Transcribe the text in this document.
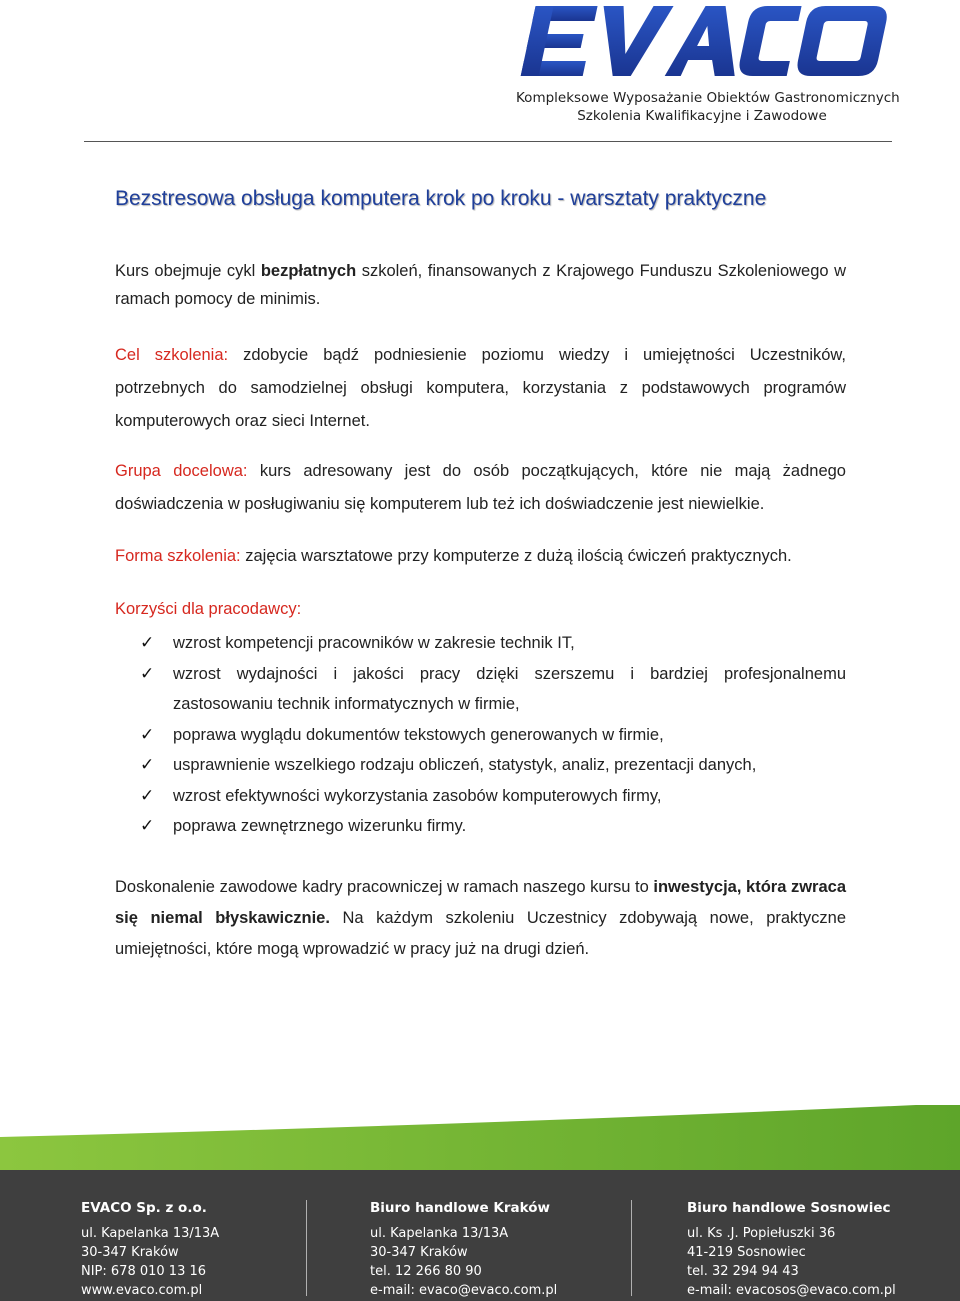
Kompleksowe Wyposażanie Obiektów Gastronomicznych
Szkolenia Kwalifikacyjne i Zawodowe
Bezstresowa obsługa komputera krok po kroku - warsztaty praktyczne

Kurs obejmuje cykl bezpłatnych szkoleń, finansowanych z Krajowego Funduszu Szkoleniowego w ramach pomocy de minimis.

Cel szkolenia: zdobycie bądź podniesienie poziomu wiedzy i umiejętności Uczestników, potrzebnych do samodzielnej obsługi komputera, korzystania z podstawowych programów komputerowych oraz sieci Internet.

Grupa docelowa: kurs adresowany jest do osób początkujących, które nie mają żadnego doświadczenia w posługiwaniu się komputerem lub też ich doświadczenie jest niewielkie.

Forma szkolenia: zajęcia warsztatowe przy komputerze z dużą ilością ćwiczeń praktycznych.

Korzyści dla pracodawcy:

✓ wzrost kompetencji pracowników w zakresie technik IT,
✓ wzrost wydajności i jakości pracy dzięki szerszemu i bardziej profesjonalnemu zastosowaniu technik informatycznych w firmie,
✓ poprawa wyglądu dokumentów tekstowych generowanych w firmie,
✓ usprawnienie wszelkiego rodzaju obliczeń, statystyk, analiz, prezentacji danych,
✓ wzrost efektywności wykorzystania zasobów komputerowych firmy,
✓ poprawa zewnętrznego wizerunku firmy.

Doskonalenie zawodowe kadry pracowniczej w ramach naszego kursu to inwestycja, która zwraca się niemal błyskawicznie. Na każdym szkoleniu Uczestnicy zdobywają nowe, praktyczne umiejętności, które mogą wprowadzić w pracy już na drugi dzień.

EVACO Sp. z o.o.
ul. Kapelanka 13/13A
30-347 Kraków
NIP: 678 010 13 16
www.evaco.com.pl
Biuro handlowe Kraków
ul. Kapelanka 13/13A
30-347 Kraków
tel. 12 266 80 90
e-mail: evaco@evaco.com.pl
Biuro handlowe Sosnowiec
ul. Ks .J. Popiełuszki 36
41-219 Sosnowiec
tel. 32 294 94 43
e-mail: evacosos@evaco.com.pl
